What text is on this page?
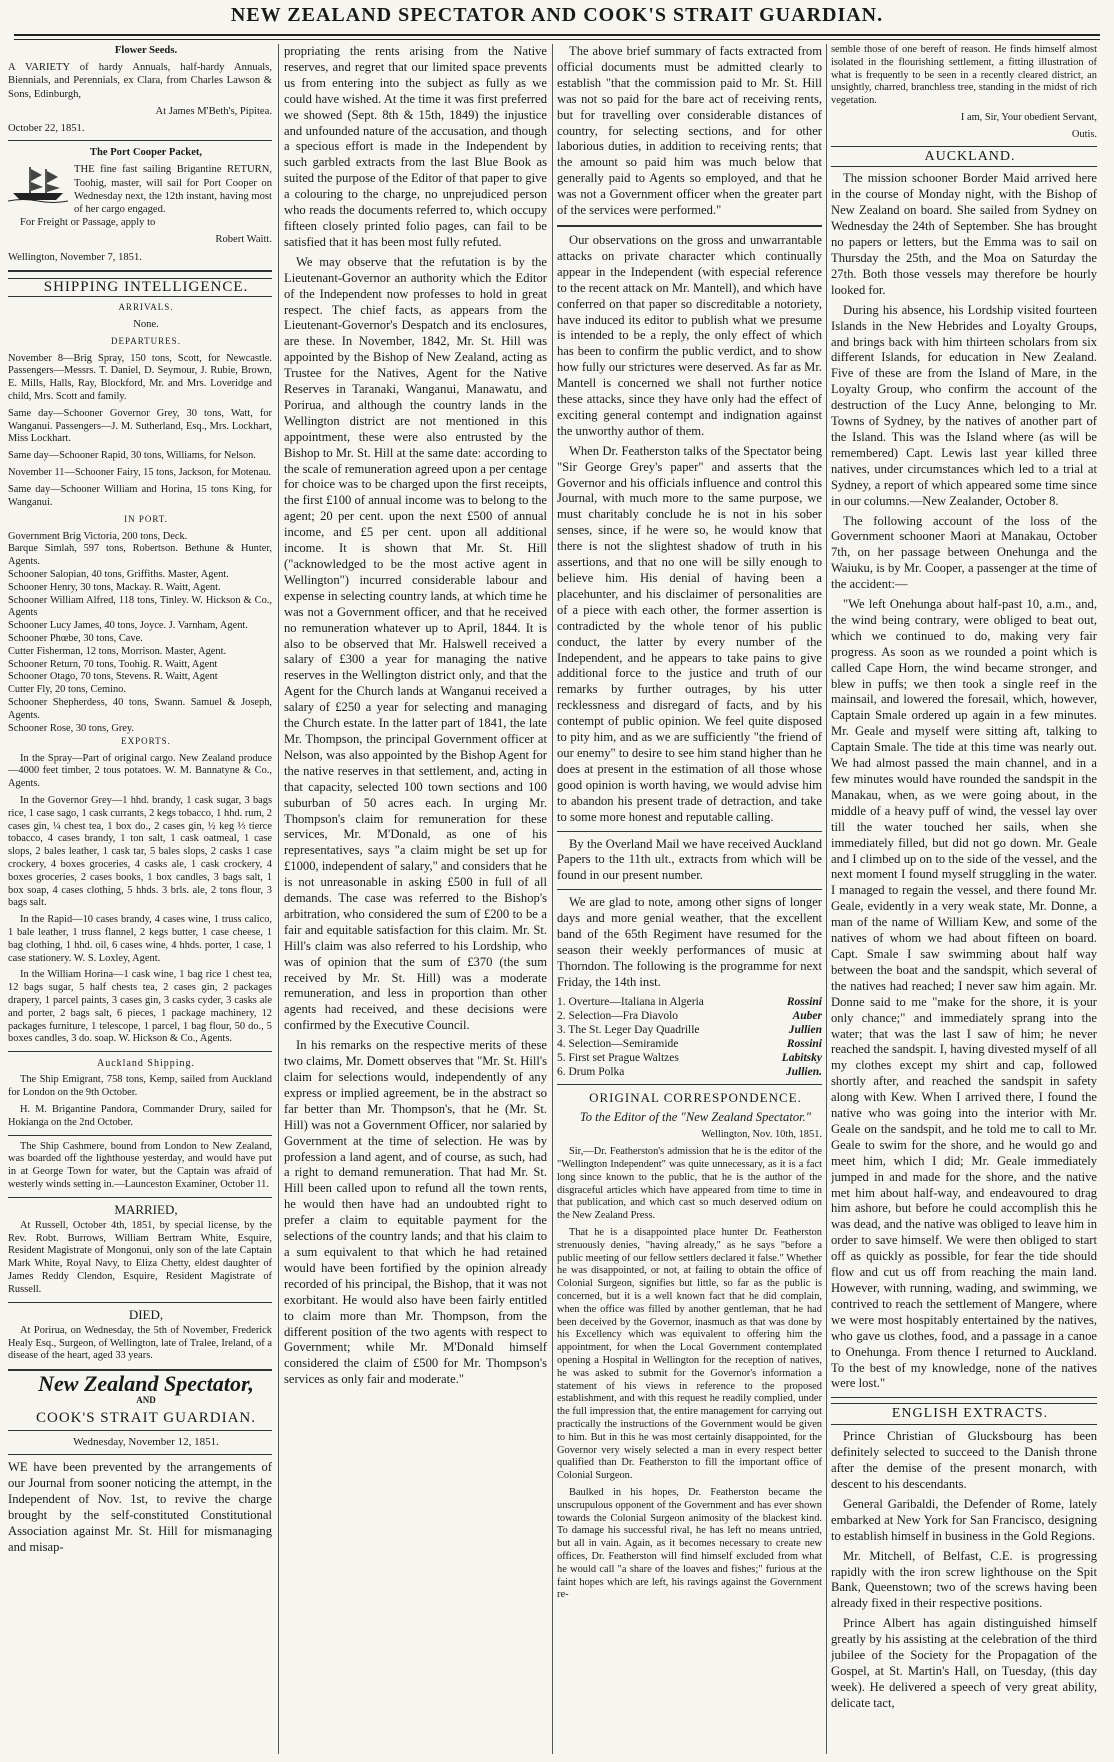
NEW ZEALAND SPECTATOR AND COOK'S STRAIT GUARDIAN.

Flower Seeds.

A VARIETY of hardy Annuals, half-hardy Annuals, Biennials, and Perennials, ex Clara, from Charles Lawson & Sons, Edinburgh,

At James M'Beth's, Pipitea.

October 22, 1851.

The Port Cooper Packet,

THE fine fast sailing Brigantine RETURN, Toohig, master, will sail for Port Cooper on Wednesday next, the 12th instant, having most of her cargo engaged.

For Freight or Passage, apply to

Robert Waitt.

Wellington, November 7, 1851.

SHIPPING INTELLIGENCE.

ARRIVALS.

None.

DEPARTURES.

November 8—Brig Spray, 150 tons, Scott, for Newcastle. Passengers—Messrs. T. Daniel, D. Seymour, J. Rubie, Brown, E. Mills, Halls, Ray, Blockford, Mr. and Mrs. Loveridge and child, Mrs. Scott and family.

Same day—Schooner Governor Grey, 30 tons, Watt, for Wanganui. Passengers—J. M. Sutherland, Esq., Mrs. Lockhart, Miss Lockhart.

Same day—Schooner Rapid, 30 tons, Williams, for Nelson.

November 11—Schooner Fairy, 15 tons, Jackson, for Motenau.

Same day—Schooner William and Horina, 15 tons King, for Wanganui.

IN PORT.

Government Brig Victoria, 200 tons, Deck.

Barque Simlah, 597 tons, Robertson. Bethune & Hunter, Agents.

Schooner Salopian, 40 tons, Griffiths. Master, Agent.

Schooner Henry, 30 tons, Mackay. R. Waitt, Agent.

Schooner William Alfred, 118 tons, Tinley. W. Hickson & Co., Agents

Schooner Lucy James, 40 tons, Joyce. J. Varnham, Agent.

Schooner Phœbe, 30 tons, Cave.

Cutter Fisherman, 12 tons, Morrison. Master, Agent.

Schooner Return, 70 tons, Toohig. R. Waitt, Agent

Schooner Otago, 70 tons, Stevens. R. Waitt, Agent

Cutter Fly, 20 tons, Cemino.

Schooner Shepherdess, 40 tons, Swann. Samuel & Joseph, Agents.

Schooner Rose, 30 tons, Grey.

EXPORTS.

In the Spray—Part of original cargo. New Zealand produce—4000 feet timber, 2 tous potatoes. W. M. Bannatyne & Co., Agents.

In the Governor Grey—1 hhd. brandy, 1 cask sugar, 3 bags rice, 1 case sago, 1 cask currants, 2 kegs tobacco, 1 hhd. rum, 2 cases gin, ¼ chest tea, 1 box do., 2 cases gin, ½ keg ⅓ tierce tobacco, 4 cases brandy, 1 ton salt, 1 cask oatmeal, 1 case slops, 2 bales leather, 1 cask tar, 5 bales slops, 2 casks 1 case crockery, 4 boxes groceries, 4 casks ale, 1 cask crockery, 4 boxes groceries, 2 cases books, 1 box candles, 3 bags salt, 1 box soap, 4 cases clothing, 5 hhds. 3 brls. ale, 2 tons flour, 3 bags salt.

In the Rapid—10 cases brandy, 4 cases wine, 1 truss calico, 1 bale leather, 1 truss flannel, 2 kegs butter, 1 case cheese, 1 bag clothing, 1 hhd. oil, 6 cases wine, 4 hhds. porter, 1 case, 1 case stationery. W. S. Loxley, Agent.

In the William Horina—1 cask wine, 1 bag rice 1 chest tea, 12 bags sugar, 5 half chests tea, 2 cases gin, 2 packages drapery, 1 parcel paints, 3 cases gin, 3 casks cyder, 3 casks ale and porter, 2 bags salt, 6 pieces, 1 package machinery, 12 packages furniture, 1 telescope, 1 parcel, 1 bag flour, 50 do., 5 boxes candles, 3 do. soap. W. Hickson & Co., Agents.

Auckland Shipping.

The Ship Emigrant, 758 tons, Kemp, sailed from Auckland for London on the 9th October.

H. M. Brigantine Pandora, Commander Drury, sailed for Hokianga on the 2nd October.

The Ship Cashmere, bound from London to New Zealand, was boarded off the lighthouse yesterday, and would have put in at George Town for water, but the Captain was afraid of westerly winds setting in.—Launceston Examiner, October 11.

MARRIED,

At Russell, October 4th, 1851, by special license, by the Rev. Robt. Burrows, William Bertram White, Esquire, Resident Magistrate of Mongonui, only son of the late Captain Mark White, Royal Navy, to Eliza Chetty, eldest daughter of James Reddy Clendon, Esquire, Resident Magistrate of Russell.

DIED,

At Porirua, on Wednesday, the 5th of November, Frederick Healy Esq., Surgeon, of Wellington, late of Tralee, Ireland, of a disease of the heart, aged 33 years.

New Zealand Spectator,

AND

COOK'S STRAIT GUARDIAN.

Wednesday, November 12, 1851.

WE have been prevented by the arrangements of our Journal from sooner noticing the attempt, in the Independent of Nov. 1st, to revive the charge brought by the self-constituted Constitutional Association against Mr. St. Hill for mismanaging and misap-

propriating the rents arising from the Native reserves, and regret that our limited space prevents us from entering into the subject as fully as we could have wished. At the time it was first preferred we showed (Sept. 8th & 15th, 1849) the injustice and unfounded nature of the accusation, and though a specious effort is made in the Independent by such garbled extracts from the last Blue Book as suited the purpose of the Editor of that paper to give a colouring to the charge, no unprejudiced person who reads the documents referred to, which occupy fifteen closely printed folio pages, can fail to be satisfied that it has been most fully refuted.

We may observe that the refutation is by the Lieutenant-Governor an authority which the Editor of the Independent now professes to hold in great respect. The chief facts, as appears from the Lieutenant-Governor's Despatch and its enclosures, are these. In November, 1842, Mr. St. Hill was appointed by the Bishop of New Zealand, acting as Trustee for the Natives, Agent for the Native Reserves in Taranaki, Wanganui, Manawatu, and Porirua, and although the country lands in the Wellington district are not mentioned in this appointment, these were also entrusted by the Bishop to Mr. St. Hill at the same date: according to the scale of remuneration agreed upon a per centage for choice was to be charged upon the first receipts, the first £100 of annual income was to belong to the agent; 20 per cent. upon the next £500 of annual income, and £5 per cent. upon all additional income. It is shown that Mr. St. Hill ("acknowledged to be the most active agent in Wellington") incurred considerable labour and expense in selecting country lands, at which time he was not a Government officer, and that he received no remuneration whatever up to April, 1844. It is also to be observed that Mr. Halswell received a salary of £300 a year for managing the native reserves in the Wellington district only, and that the Agent for the Church lands at Wanganui received a salary of £250 a year for selecting and managing the Church estate. In the latter part of 1841, the late Mr. Thompson, the principal Government officer at Nelson, was also appointed by the Bishop Agent for the native reserves in that settlement, and, acting in that capacity, selected 100 town sections and 100 suburban of 50 acres each. In urging Mr. Thompson's claim for remuneration for these services, Mr. M'Donald, as one of his representatives, says "a claim might be set up for £1000, independent of salary," and considers that he is not unreasonable in asking £500 in full of all demands. The case was referred to the Bishop's arbitration, who considered the sum of £200 to be a fair and equitable satisfaction for this claim. Mr. St. Hill's claim was also referred to his Lordship, who was of opinion that the sum of £370 (the sum received by Mr. St. Hill) was a moderate remuneration, and less in proportion than other agents had received, and these decisions were confirmed by the Executive Council.

In his remarks on the respective merits of these two claims, Mr. Domett observes that "Mr. St. Hill's claim for selections would, independently of any express or implied agreement, be in the abstract so far better than Mr. Thompson's, that he (Mr. St. Hill) was not a Government Officer, nor salaried by Government at the time of selection. He was by profession a land agent, and of course, as such, had a right to demand remuneration. That had Mr. St. Hill been called upon to refund all the town rents, he would then have had an undoubted right to prefer a claim to equitable payment for the selections of the country lands; and that his claim to a sum equivalent to that which he had retained would have been fortified by the opinion already recorded of his principal, the Bishop, that it was not exorbitant. He would also have been fairly entitled to claim more than Mr. Thompson, from the different position of the two agents with respect to Government; while Mr. M'Donald himself considered the claim of £500 for Mr. Thompson's services as only fair and moderate."

The above brief summary of facts extracted from official documents must be admitted clearly to establish "that the commission paid to Mr. St. Hill was not so paid for the bare act of receiving rents, but for travelling over considerable distances of country, for selecting sections, and for other laborious duties, in addition to receiving rents; that the amount so paid him was much below that generally paid to Agents so employed, and that he was not a Government officer when the greater part of the services were performed."

Our observations on the gross and unwarrantable attacks on private character which continually appear in the Independent (with especial reference to the recent attack on Mr. Mantell), and which have conferred on that paper so discreditable a notoriety, have induced its editor to publish what we presume is intended to be a reply, the only effect of which has been to confirm the public verdict, and to show how fully our strictures were deserved. As far as Mr. Mantell is concerned we shall not further notice these attacks, since they have only had the effect of exciting general contempt and indignation against the unworthy author of them.

When Dr. Featherston talks of the Spectator being "Sir George Grey's paper" and asserts that the Governor and his officials influence and control this Journal, with much more to the same purpose, we must charitably conclude he is not in his sober senses, since, if he were so, he would know that there is not the slightest shadow of truth in his assertions, and that no one will be silly enough to believe him. His denial of having been a placehunter, and his disclaimer of personalities are of a piece with each other, the former assertion is contradicted by the whole tenor of his public conduct, the latter by every number of the Independent, and he appears to take pains to give additional force to the justice and truth of our remarks by further outrages, by his utter recklessness and disregard of facts, and by his contempt of public opinion. We feel quite disposed to pity him, and as we are sufficiently "the friend of our enemy" to desire to see him stand higher than he does at present in the estimation of all those whose good opinion is worth having, we would advise him to abandon his present trade of detraction, and take to some more honest and reputable calling.

By the Overland Mail we have received Auckland Papers to the 11th ult., extracts from which will be found in our present number.

We are glad to note, among other signs of longer days and more genial weather, that the excellent band of the 65th Regiment have resumed for the season their weekly performances of music at Thorndon. The following is the programme for next Friday, the 14th inst.

1. Overture—Italiana in Algeria	Rossini
2. Selection—Fra Diavolo	Auber
3. The St. Leger Day Quadrille	Jullien
4. Selection—Semiramide	Rossini
5. First set Prague Waltzes	Labitsky
6. Drum Polka	Jullien.

ORIGINAL CORRESPONDENCE.

To the Editor of the "New Zealand Spectator."

Wellington, Nov. 10th, 1851.

Sir,—Dr. Featherston's admission that he is the editor of the "Wellington Independent" was quite unnecessary, as it is a fact long since known to the public, that he is the author of the disgraceful articles which have appeared from time to time in that publication, and which cast so much deserved odium on the New Zealand Press.

That he is a disappointed place hunter Dr. Featherston strenuously denies, "having already," as he says "before a public meeting of our fellow settlers declared it false." Whether he was disappointed, or not, at failing to obtain the office of Colonial Surgeon, signifies but little, so far as the public is concerned, but it is a well known fact that he did complain, when the office was filled by another gentleman, that he had been deceived by the Governor, inasmuch as that was done by his Excellency which was equivalent to offering him the appointment, for when the Local Government contemplated opening a Hospital in Wellington for the reception of natives, he was asked to submit for the Governor's information a statement of his views in reference to the proposed establishment, and with this request he readily complied, under the full impression that, the entire management for carrying out practically the instructions of the Government would be given to him. But in this he was most certainly disappointed, for the Governor very wisely selected a man in every respect better qualified than Dr. Featherston to fill the important office of Colonial Surgeon.

Baulked in his hopes, Dr. Featherston became the unscrupulous opponent of the Government and has ever shown towards the Colonial Surgeon animosity of the blackest kind. To damage his successful rival, he has left no means untried, but all in vain. Again, as it becomes necessary to create new offices, Dr. Featherston will find himself excluded from what he would call "a share of the loaves and fishes;" furious at the faint hopes which are left, his ravings against the Government re-

semble those of one bereft of reason. He finds himself almost isolated in the flourishing settlement, a fitting illustration of what is frequently to be seen in a recently cleared district, an unsightly, charred, branchless tree, standing in the midst of rich vegetation.

I am, Sir, Your obedient Servant,

Outis.

AUCKLAND.

The mission schooner Border Maid arrived here in the course of Monday night, with the Bishop of New Zealand on board. She sailed from Sydney on Wednesday the 24th of September. She has brought no papers or letters, but the Emma was to sail on Thursday the 25th, and the Moa on Saturday the 27th. Both those vessels may therefore be hourly looked for.

During his absence, his Lordship visited fourteen Islands in the New Hebrides and Loyalty Groups, and brings back with him thirteen scholars from six different Islands, for education in New Zealand. Five of these are from the Island of Mare, in the Loyalty Group, who confirm the account of the destruction of the Lucy Anne, belonging to Mr. Towns of Sydney, by the natives of another part of the Island. This was the Island where (as will be remembered) Capt. Lewis last year killed three natives, under circumstances which led to a trial at Sydney, a report of which appeared some time since in our columns.—New Zealander, October 8.

The following account of the loss of the Government schooner Maori at Manakau, October 7th, on her passage between Onehunga and the Waiuku, is by Mr. Cooper, a passenger at the time of the accident:—

"We left Onehunga about half-past 10, a.m., and, the wind being contrary, were obliged to beat out, which we continued to do, making very fair progress. As soon as we rounded a point which is called Cape Horn, the wind became stronger, and blew in puffs; we then took a single reef in the mainsail, and lowered the foresail, which, however, Captain Smale ordered up again in a few minutes. Mr. Geale and myself were sitting aft, talking to Captain Smale. The tide at this time was nearly out. We had almost passed the main channel, and in a few minutes would have rounded the sandspit in the Manakau, when, as we were going about, in the middle of a heavy puff of wind, the vessel lay over till the water touched her sails, when she immediately filled, but did not go down. Mr. Geale and I climbed up on to the side of the vessel, and the next moment I found myself struggling in the water. I managed to regain the vessel, and there found Mr. Geale, evidently in a very weak state, Mr. Donne, a man of the name of William Kew, and some of the natives of whom we had about fifteen on board. Capt. Smale I saw swimming about half way between the boat and the sandspit, which several of the natives had reached; I never saw him again. Mr. Donne said to me "make for the shore, it is your only chance;" and immediately sprang into the water; that was the last I saw of him; he never reached the sandspit. I, having divested myself of all my clothes except my shirt and cap, followed shortly after, and reached the sandspit in safety along with Kew. When I arrived there, I found the native who was going into the interior with Mr. Geale on the sandspit, and he told me to call to Mr. Geale to swim for the shore, and he would go and meet him, which I did; Mr. Geale immediately jumped in and made for the shore, and the native met him about half-way, and endeavoured to drag him ashore, but before he could accomplish this he was dead, and the native was obliged to leave him in order to save himself. We were then obliged to start off as quickly as possible, for fear the tide should flow and cut us off from reaching the main land. However, with running, wading, and swimming, we contrived to reach the settlement of Mangere, where we were most hospitably entertained by the natives, who gave us clothes, food, and a passage in a canoe to Onehunga. From thence I returned to Auckland. To the best of my knowledge, none of the natives were lost."

ENGLISH EXTRACTS.

Prince Christian of Glucksbourg has been definitely selected to succeed to the Danish throne after the demise of the present monarch, with descent to his descendants.

General Garibaldi, the Defender of Rome, lately embarked at New York for San Francisco, designing to establish himself in business in the Gold Regions.

Mr. Mitchell, of Belfast, C.E. is progressing rapidly with the iron screw lighthouse on the Spit Bank, Queenstown; two of the screws having been already fixed in their respective positions.

Prince Albert has again distinguished himself greatly by his assisting at the celebration of the third jubilee of the Society for the Propagation of the Gospel, at St. Martin's Hall, on Tuesday, (this day week). He delivered a speech of very great ability, delicate tact,
